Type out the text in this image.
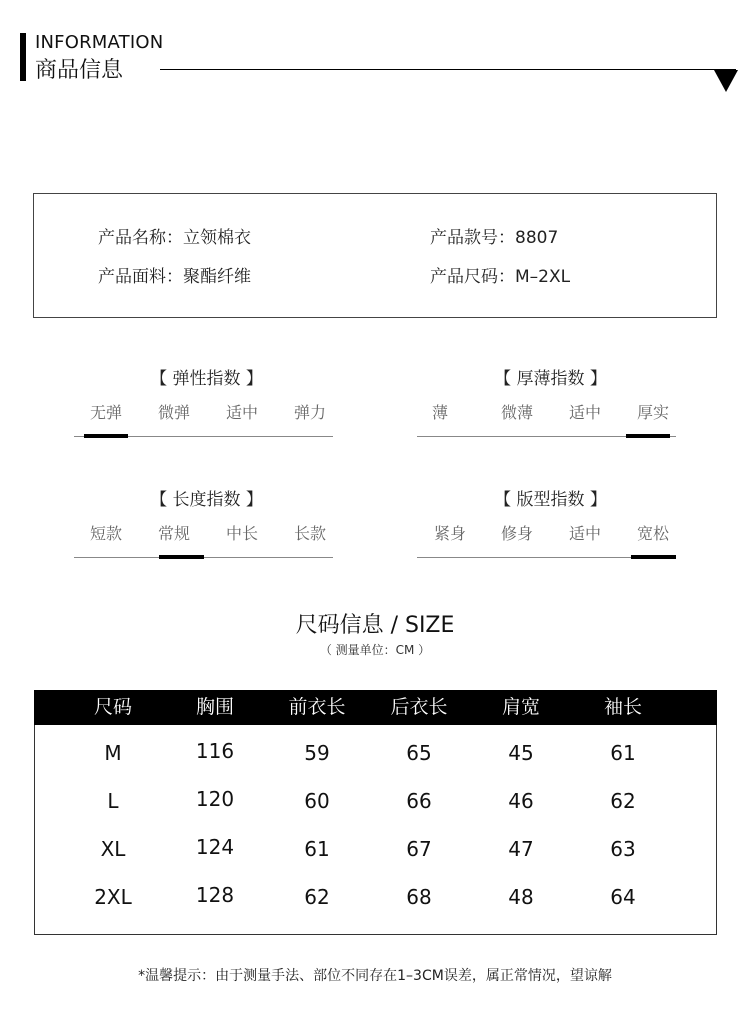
INFORMATION
商品信息
产品名称：立领棉衣	产品款号：8807
产品面料：聚酯纤维	产品尺码：M–2XL
【 弹性指数 】
无弹	微弹	适中	弹力
【 厚薄指数 】
薄	微薄	适中	厚实
【 长度指数 】
短款	常规	中长	长款
【 版型指数 】
紧身	修身	适中	宽松
尺码信息 / SIZE
（ 测量单位：CM ）
尺码	胸围	前衣长	后衣长	肩宽	袖长
M	116	59	65	45	61
L	120	60	66	46	62
XL	124	61	67	47	63
2XL	128	62	68	48	64
*温馨提示：由于测量手法、部位不同存在1–3CM误差，属正常情况，望谅解
